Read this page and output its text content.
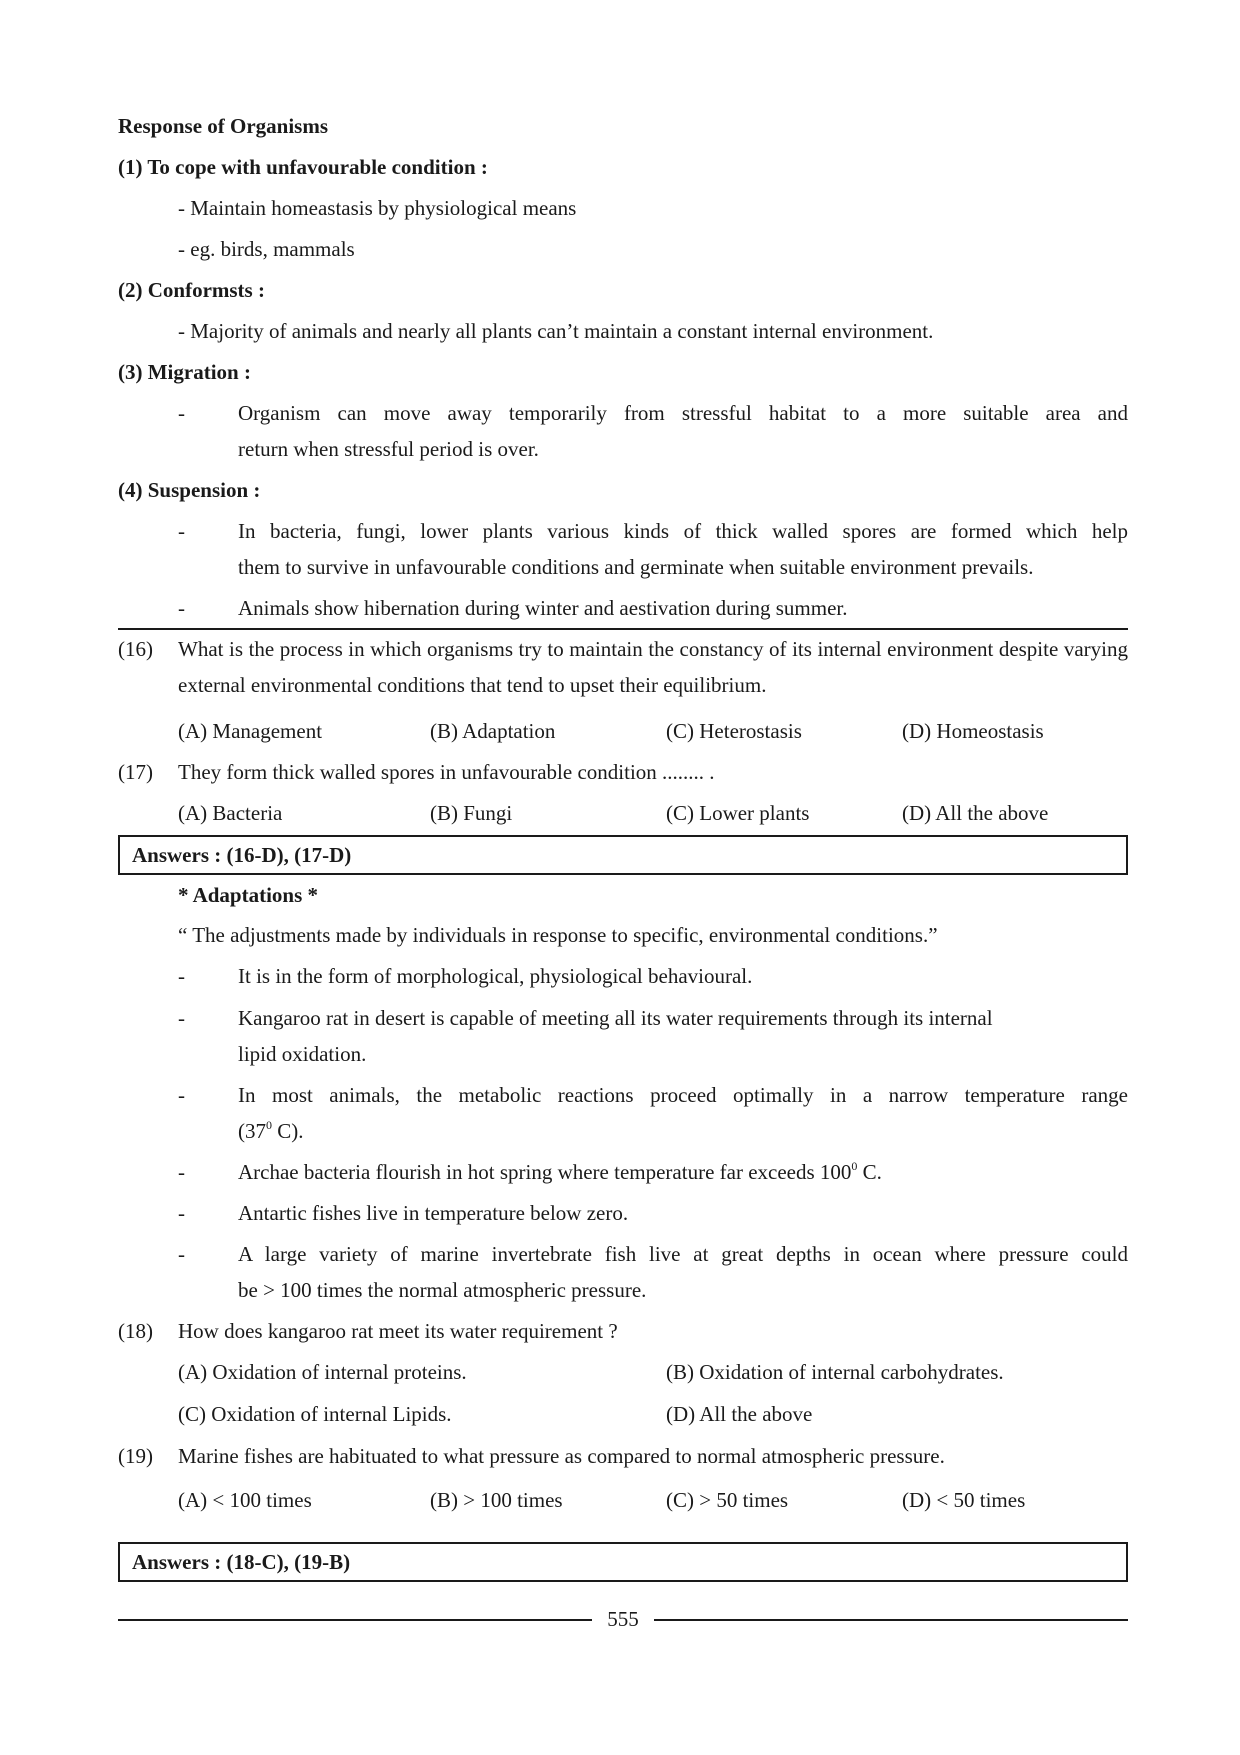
Response of Organisms
(1) To cope with unfavourable condition :
- Maintain homeastasis by physiological means
- eg. birds, mammals
(2) Conformsts :
- Majority of animals and nearly all plants can’t maintain a constant internal environment.
(3) Migration :
-	Organism can move away temporarily from stressful habitat to a more suitable area and
return when stressful period is over.
(4) Suspension :
-	In bacteria, fungi, lower plants various kinds of thick walled spores are formed which help
them to survive in unfavourable conditions and germinate when suitable environment prevails.
-	Animals show hibernation during winter and aestivation during summer.
(16) What is the process in which organisms try to maintain the constancy of its internal environment despite varying external environmental conditions that tend to upset their equilibrium.
(A) Management	(B) Adaptation	(C) Heterostasis	(D) Homeostasis
(17) They form thick walled spores in unfavourable condition ........ .
(A) Bacteria	(B) Fungi	(C) Lower plants	(D) All the above
Answers : (16-D), (17-D)
* Adaptations *
“ The adjustments made by individuals in response to specific, environmental conditions.”
-	It is in the form of morphological, physiological behavioural.
-	Kangaroo rat in desert is capable of meeting all its water requirements through its internal
lipid oxidation.
-	In most animals, the metabolic reactions proceed optimally in a narrow temperature range
($37^0$ C).
-	Archae bacteria flourish in hot spring where temperature far exceeds $100^0$ C.
-	Antartic fishes live in temperature below zero.
-	A large variety of marine invertebrate fish live at great depths in ocean where pressure could
be > 100 times the normal atmospheric pressure.
(18) How does kangaroo rat meet its water requirement ?
(A) Oxidation of internal proteins.	(B) Oxidation of internal carbohydrates.
(C) Oxidation of internal Lipids.	(D) All the above
(19) Marine fishes are habituated to what pressure as compared to normal atmospheric pressure.
(A) < 100 times	(B) > 100 times	(C) > 50 times	(D) < 50 times
Answers : (18-C), (19-B)
555
